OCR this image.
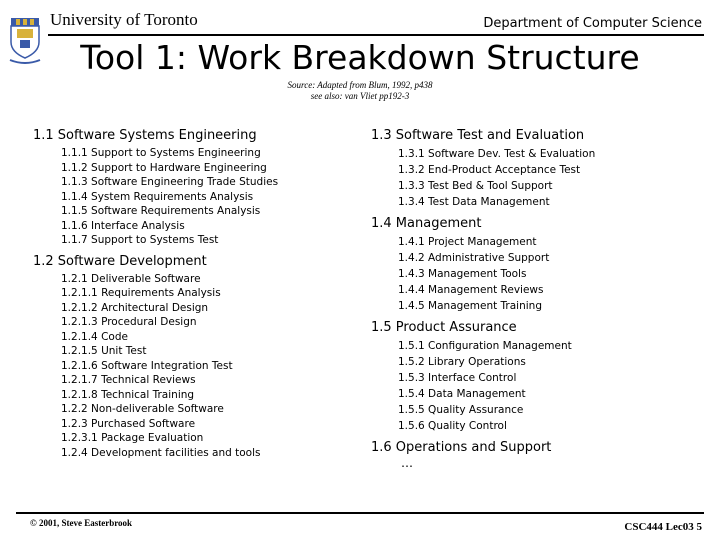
University of Toronto	Department of Computer Science
Tool 1: Work Breakdown Structure
Source: Adapted from Blum, 1992, p438
see also: van Vliet pp192-3
1.1 Software Systems Engineering
1.1.1 Support to Systems Engineering
1.1.2 Support to Hardware Engineering
1.1.3 Software Engineering Trade Studies
1.1.4 System Requirements Analysis
1.1.5 Software Requirements Analysis
1.1.6 Interface Analysis
1.1.7 Support to Systems Test
1.2 Software Development
1.2.1 Deliverable Software
1.2.1.1 Requirements Analysis
1.2.1.2 Architectural Design
1.2.1.3 Procedural Design
1.2.1.4 Code
1.2.1.5 Unit Test
1.2.1.6 Software Integration Test
1.2.1.7 Technical Reviews
1.2.1.8 Technical Training
1.2.2 Non-deliverable Software
1.2.3 Purchased Software
1.2.3.1 Package Evaluation
1.2.4 Development facilities and tools
1.3 Software Test and Evaluation
1.3.1 Software Dev. Test & Evaluation
1.3.2 End-Product Acceptance Test
1.3.3 Test Bed & Tool Support
1.3.4 Test Data Management
1.4 Management
1.4.1 Project Management
1.4.2 Administrative Support
1.4.3 Management Tools
1.4.4 Management Reviews
1.4.5 Management Training
1.5 Product Assurance
1.5.1 Configuration Management
1.5.2 Library Operations
1.5.3 Interface Control
1.5.4 Data Management
1.5.5 Quality Assurance
1.5.6 Quality Control
1.6 Operations and Support
…
© 2001, Steve Easterbrook	CSC444 Lec03 5
